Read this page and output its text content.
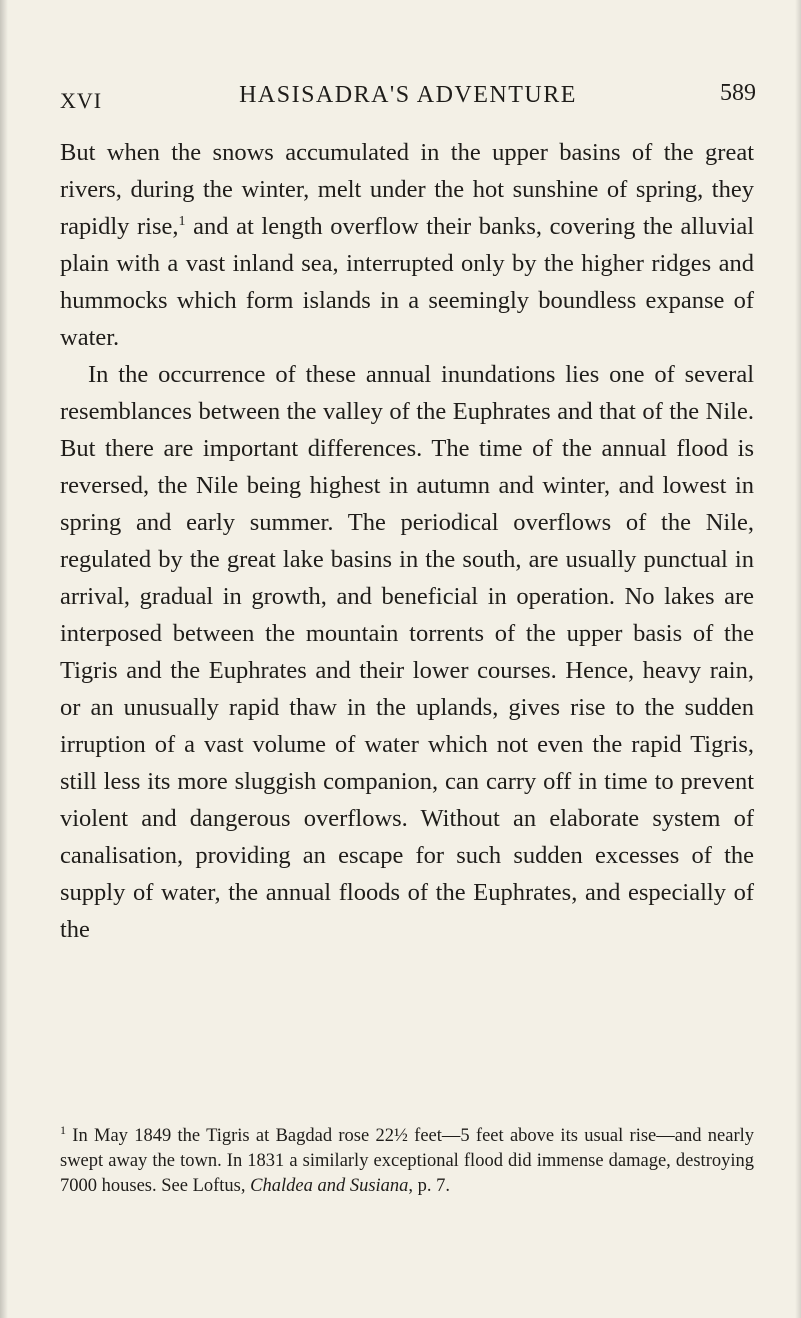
XVI	HASISADRA'S ADVENTURE	589

But when the snows accumulated in the upper basins of the great rivers, during the winter, melt under the hot sunshine of spring, they rapidly rise,$^1$ and at length overflow their banks, covering the alluvial plain with a vast inland sea, interrupted only by the higher ridges and hummocks which form islands in a seemingly boundless expanse of water.

In the occurrence of these annual inundations lies one of several resemblances between the valley of the Euphrates and that of the Nile. But there are important differences. The time of the annual flood is reversed, the Nile being highest in autumn and winter, and lowest in spring and early summer. The periodical overflows of the Nile, regulated by the great lake basins in the south, are usually punctual in arrival, gradual in growth, and beneficial in operation. No lakes are interposed between the mountain torrents of the upper basis of the Tigris and the Euphrates and their lower courses. Hence, heavy rain, or an unusually rapid thaw in the uplands, gives rise to the sudden irruption of a vast volume of water which not even the rapid Tigris, still less its more sluggish companion, can carry off in time to prevent violent and dangerous overflows. Without an elaborate system of canalisation, providing an escape for such sudden excesses of the supply of water, the annual floods of the Euphrates, and especially of the

$^1$ In May 1849 the Tigris at Bagdad rose 22½ feet—5 feet above its usual rise—and nearly swept away the town. In 1831 a similarly exceptional flood did immense damage, destroying 7000 houses. See Loftus, Chaldea and Susiana, p. 7.
